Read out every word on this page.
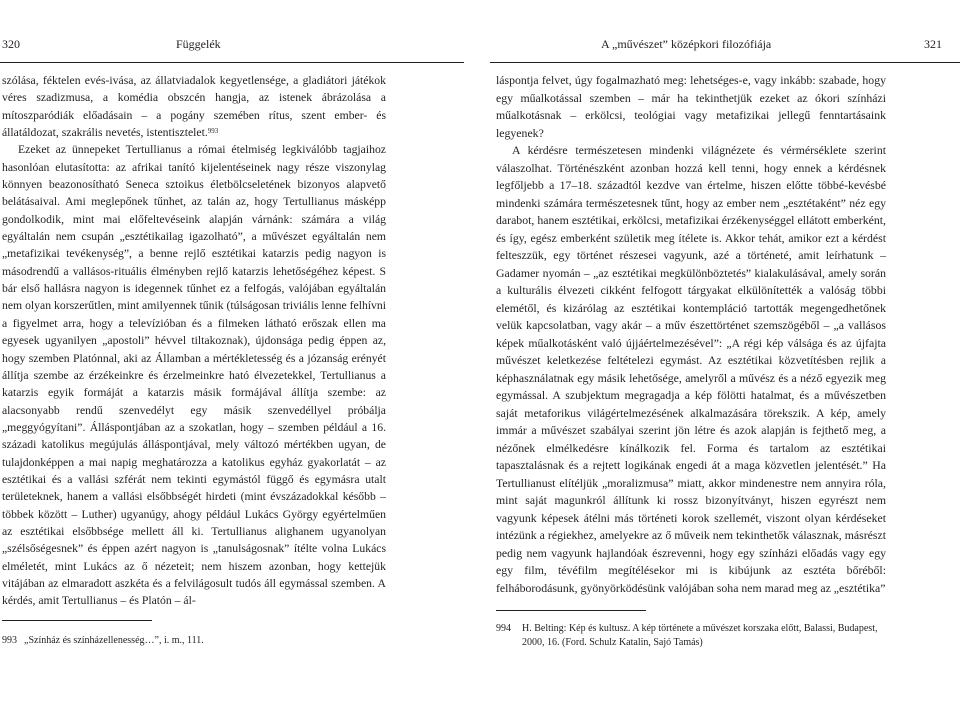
320	Függelék

szólása, féktelen evés-ivása, az állatviadalok kegyetlensége, a gladiátori játékok véres szadizmusa, a komédia obszcén hangja, az istenek ábrázolása a mítoszparódiák előadásain – a pogány szemében rítus, szent ember- és állatáldozat, szakrális nevetés, istentisztelet.$^{993}$

Ezeket az ünnepeket Tertullianus a római ételmiség legkiválóbb tagjaihoz hasonlóan elutasította: az afrikai tanító kijelentéseinek nagy része viszonylag könnyen beazonosítható Seneca sztoikus életbölcseletének bizonyos alapvető belátásaival. Ami meglepőnek tűnhet, az talán az, hogy Tertullianus másképp gondolkodik, mint mai előfeltevéseink alapján várnánk: számára a világ egyáltalán nem csupán „esztétikailag igazolható”, a művészet egyáltalán nem „metafizikai tevékenység”, a benne rejlő esztétikai katarzis pedig nagyon is másodrendű a vallásos-rituális élményben rejlő katarzis lehetőségéhez képest. S bár első hallásra nagyon is idegennek tűnhet ez a felfogás, valójában egyáltalán nem olyan korszerűtlen, mint amilyennek tűnik (túlságosan triviális lenne felhívni a figyelmet arra, hogy a televízióban és a filmeken látható erőszak ellen ma egyesek ugyanilyen „apostoli” hévvel tiltakoznak), újdonsága pedig éppen az, hogy szemben Platónnal, aki az Államban a mértékletesség és a józanság erényét állítja szembe az érzékeinkre és érzelmeinkre ható élvezetekkel, Tertullianus a katarzis egyik formáját a katarzis másik formájával állítja szembe: az alacsonyabb rendű szenvedélyt egy másik szenvedéllyel próbálja „meggyógyítani”. Álláspontjában az a szokatlan, hogy – szemben például a 16. századi katolikus megújulás álláspontjával, mely változó mértékben ugyan, de tulajdonképpen a mai napig meghatározza a katolikus egyház gyakorlatát – az esztétikai és a vallási szférát nem tekinti egymástól függő és egymásra utalt területeknek, hanem a vallási elsőbbségét hirdeti (mint évszázadokkal később – többek között – Luther) ugyanúgy, ahogy például Lukács György egyértelműen az esztétikai elsőbbsége mellett áll ki. Tertullianus alighanem ugyanolyan „szélsőségesnek” és éppen azért nagyon is „tanulságosnak” ítélte volna Lukács elméletét, mint Lukács az ő nézeteit; nem hiszem azonban, hogy kettejük vitájában az elmaradott aszkéta és a felvilágosult tudós áll egymással szemben. A kérdés, amit Tertullianus – és Platón – ál-

993 „Színház és színházellenesség…”, i. m., 111.
A „művészet” középkori filozófiája	321

láspontja felvet, úgy fogalmazható meg: lehetséges-e, vagy inkább: szabade, hogy egy műalkotással szemben – már ha tekinthetjük ezeket az ókori színházi műalkotásnak – erkölcsi, teológiai vagy metafizikai jellegű fenntartásaink legyenek?

A kérdésre természetesen mindenki világnézete és vérmérséklete szerint válaszolhat. Történészként azonban hozzá kell tenni, hogy ennek a kérdésnek legfőljebb a 17–18. századtól kezdve van értelme, hiszen előtte többé-kevésbé mindenki számára természetesnek tűnt, hogy az ember nem „esztétaként” néz egy darabot, hanem esztétikai, erkölcsi, metafizikai érzékenységgel ellátott emberként, és így, egész emberként születik meg ítélete is. Akkor tehát, amikor ezt a kérdést felteszzük, egy történet részesei vagyunk, azé a történeté, amit leírhatunk – Gadamer nyomán – „az esztétikai megkülönböztetés” kialakulásával, amely során a kulturális élvezeti cikként felfogott tárgyakat elkülönítették a valóság többi elemétől, és kizárólag az esztétikai kontempláció tartották megengedhetőnek velük kapcsolatban, vagy akár – a műv észettörténet szemszögéből – „a vallásos képek műalkotásként való újjáértelmezésével”: „A régi kép válsága és az újfajta művészet keletkezése feltételezi egymást. Az esztétikai közvetítésben rejlik a képhasználatnak egy másik lehetősége, amelyről a művész és a néző egyezik meg egymással. A szubjektum megragadja a kép fölötti hatalmat, és a művészetben saját metaforikus világértelmezésének alkalmazására törekszik. A kép, amely immár a művészet szabályai szerint jön létre és azok alapján is fejthető meg, a nézőnek elmélkedésre kínálkozik fel. Forma és tartalom az esztétikai tapasztalásnak és a rejtett logikának engedi át a maga közvetlen jelentését.” Ha Tertullianust elítéljük „moralizmusa” miatt, akkor mindenestre nem annyira róla, mint saját magunkról állítunk ki rossz bizonyítványt, hiszen egyrészt nem vagyunk képesek átélni más történeti korok szellemét, viszont olyan kérdéseket intézünk a régiekhez, amelyekre az ő műveik nem tekinthetők válasznak, másrészt pedig nem vagyunk hajlandóak észrevenni, hogy egy színházi előadás vagy egy egy film, tévéfilm megítélésekor mi is kibújunk az esztéta bőréből: felháborodásunk, gyönyörködésünk valójában soha nem marad meg az „esztétika”

994 H. Belting: Kép és kultusz. A kép története a művészet korszaka előtt, Balassi, Budapest, 2000, 16. (Ford. Schulz Katalin, Sajó Tamás)
